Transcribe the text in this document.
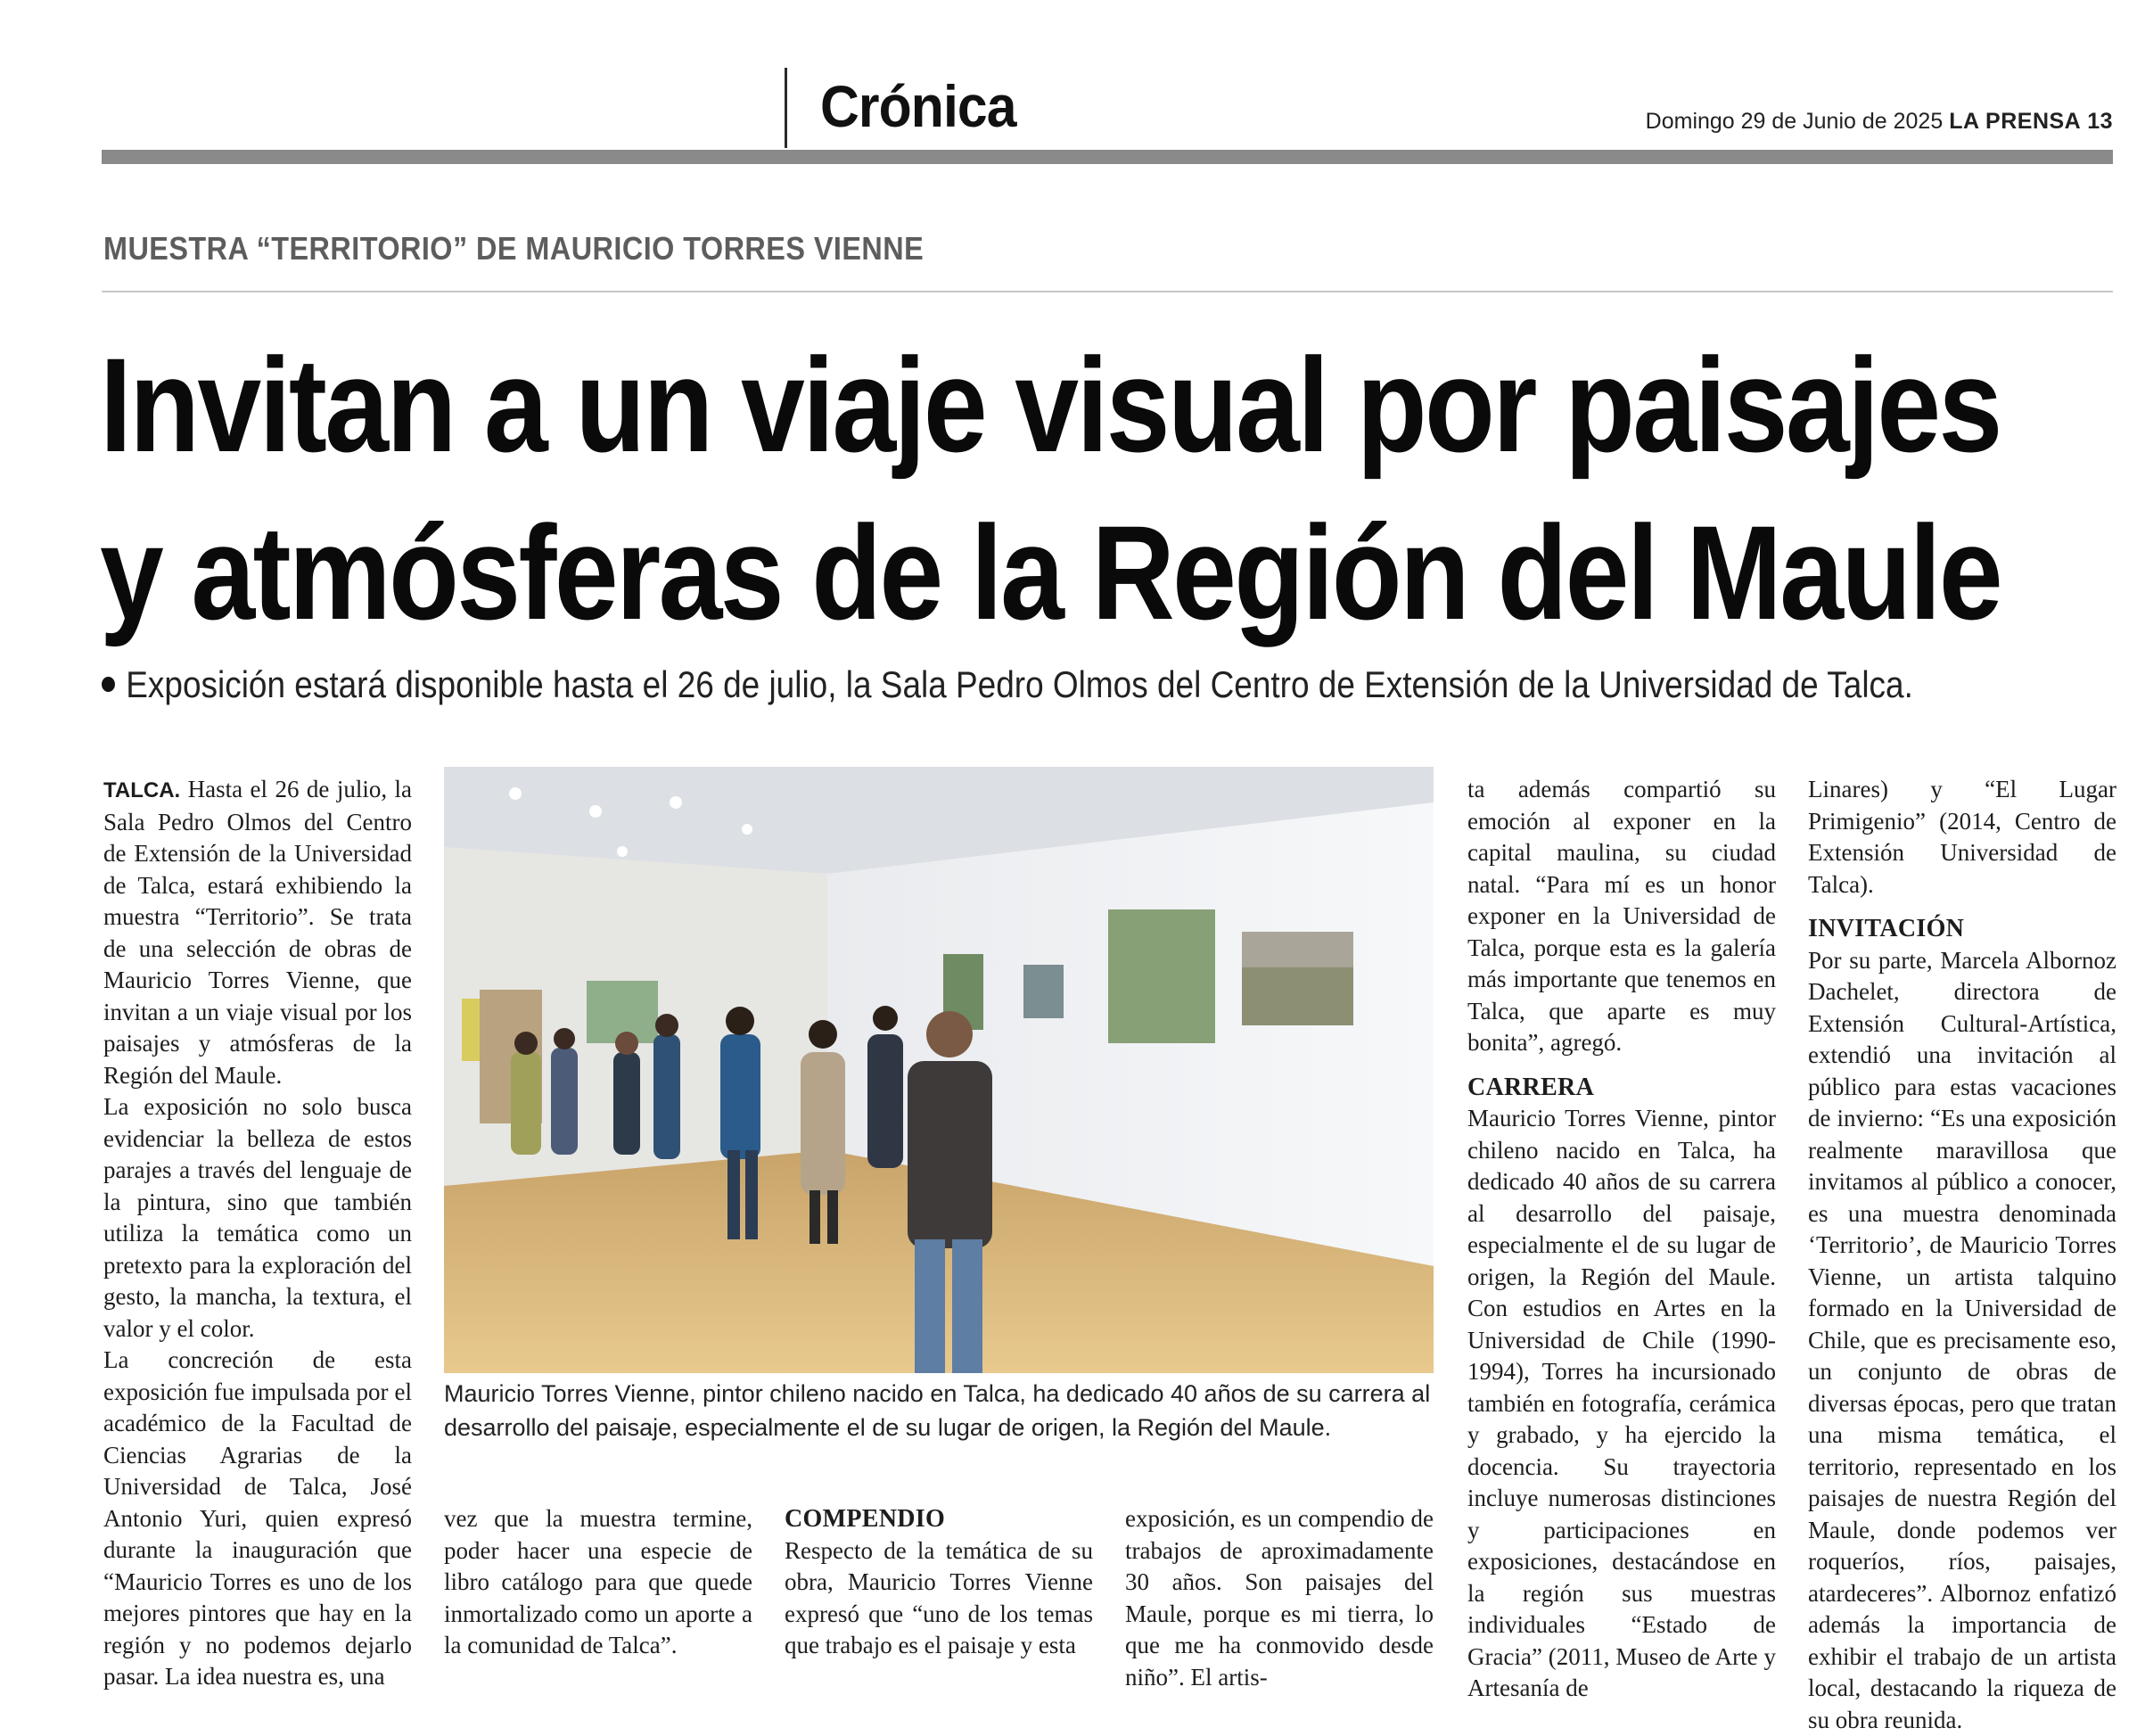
Crónica	Domingo 29 de Junio de 2025 LA PRENSA 13
MUESTRA “TERRITORIO” DE MAURICIO TORRES VIENNE
Invitan a un viaje visual por paisajes
y atmósferas de la Región del Maule
Exposición estará disponible hasta el 26 de julio, la Sala Pedro Olmos del Centro de Extensión de la Universidad de Talca.

TALCA. Hasta el 26 de julio, la Sala Pedro Olmos del Centro de Extensión de la Universidad de Talca, estará exhibiendo la muestra “Territorio”. Se trata de una selección de obras de Mauricio Torres Vienne, que invitan a un viaje visual por los paisajes y atmósferas de la Región del Maule.

La exposición no solo busca evidenciar la belleza de estos parajes a través del lenguaje de la pintura, sino que también utiliza la temática como un pretexto para la exploración del gesto, la mancha, la textura, el valor y el color.

La concreción de esta exposición fue impulsada por el académico de la Facultad de Ciencias Agrarias de la Universidad de Talca, José Antonio Yuri, quien expresó durante la inauguración que “Mauricio Torres es uno de los mejores pintores que hay en la región y no podemos dejarlo pasar. La idea nuestra es, una

Mauricio Torres Vienne, pintor chileno nacido en Talca, ha dedicado 40 años de su carrera al desarrollo del paisaje, especialmente el de su lugar de origen, la Región del Maule.

vez que la muestra termine, poder hacer una especie de libro catálogo para que quede inmortalizado como un aporte a la comunidad de Talca”.

COMPENDIO

Respecto de la temática de su obra, Mauricio Torres Vienne expresó que “uno de los temas que trabajo es el paisaje y esta

exposición, es un compendio de trabajos de aproximadamente 30 años. Son paisajes del Maule, porque es mi tierra, lo que me ha conmovido desde niño”. El artis-

ta además compartió su emoción al exponer en la capital maulina, su ciudad natal. “Para mí es un honor exponer en la Universidad de Talca, porque esta es la galería más importante que tenemos en Talca, que aparte es muy bonita”, agregó.

CARRERA

Mauricio Torres Vienne, pintor chileno nacido en Talca, ha dedicado 40 años de su carrera al desarrollo del paisaje, especialmente el de su lugar de origen, la Región del Maule. Con estudios en Artes en la Universidad de Chile (1990-1994), Torres ha incursionado también en fotografía, cerámica y grabado, y ha ejercido la docencia. Su trayectoria incluye numerosas distinciones y participaciones en exposiciones, destacándose en la región sus muestras individuales “Estado de Gracia” (2011, Museo de Arte y Artesanía de

Linares) y “El Lugar Primigenio” (2014, Centro de Extensión Universidad de Talca).

INVITACIÓN

Por su parte, Marcela Albornoz Dachelet, directora de Extensión Cultural-Artística, extendió una invitación al público para estas vacaciones de invierno: “Es una exposición realmente maravillosa que invitamos al público a conocer, es una muestra denominada ‘Territorio’, de Mauricio Torres Vienne, un artista talquino formado en la Universidad de Chile, que es precisamente eso, un conjunto de obras de diversas épocas, pero que tratan una misma temática, el territorio, representado en los paisajes de nuestra Región del Maule, donde podemos ver roqueríos, ríos, paisajes, atardeceres”. Albornoz enfatizó además la importancia de exhibir el trabajo de un artista local, destacando la riqueza de su obra reunida.
